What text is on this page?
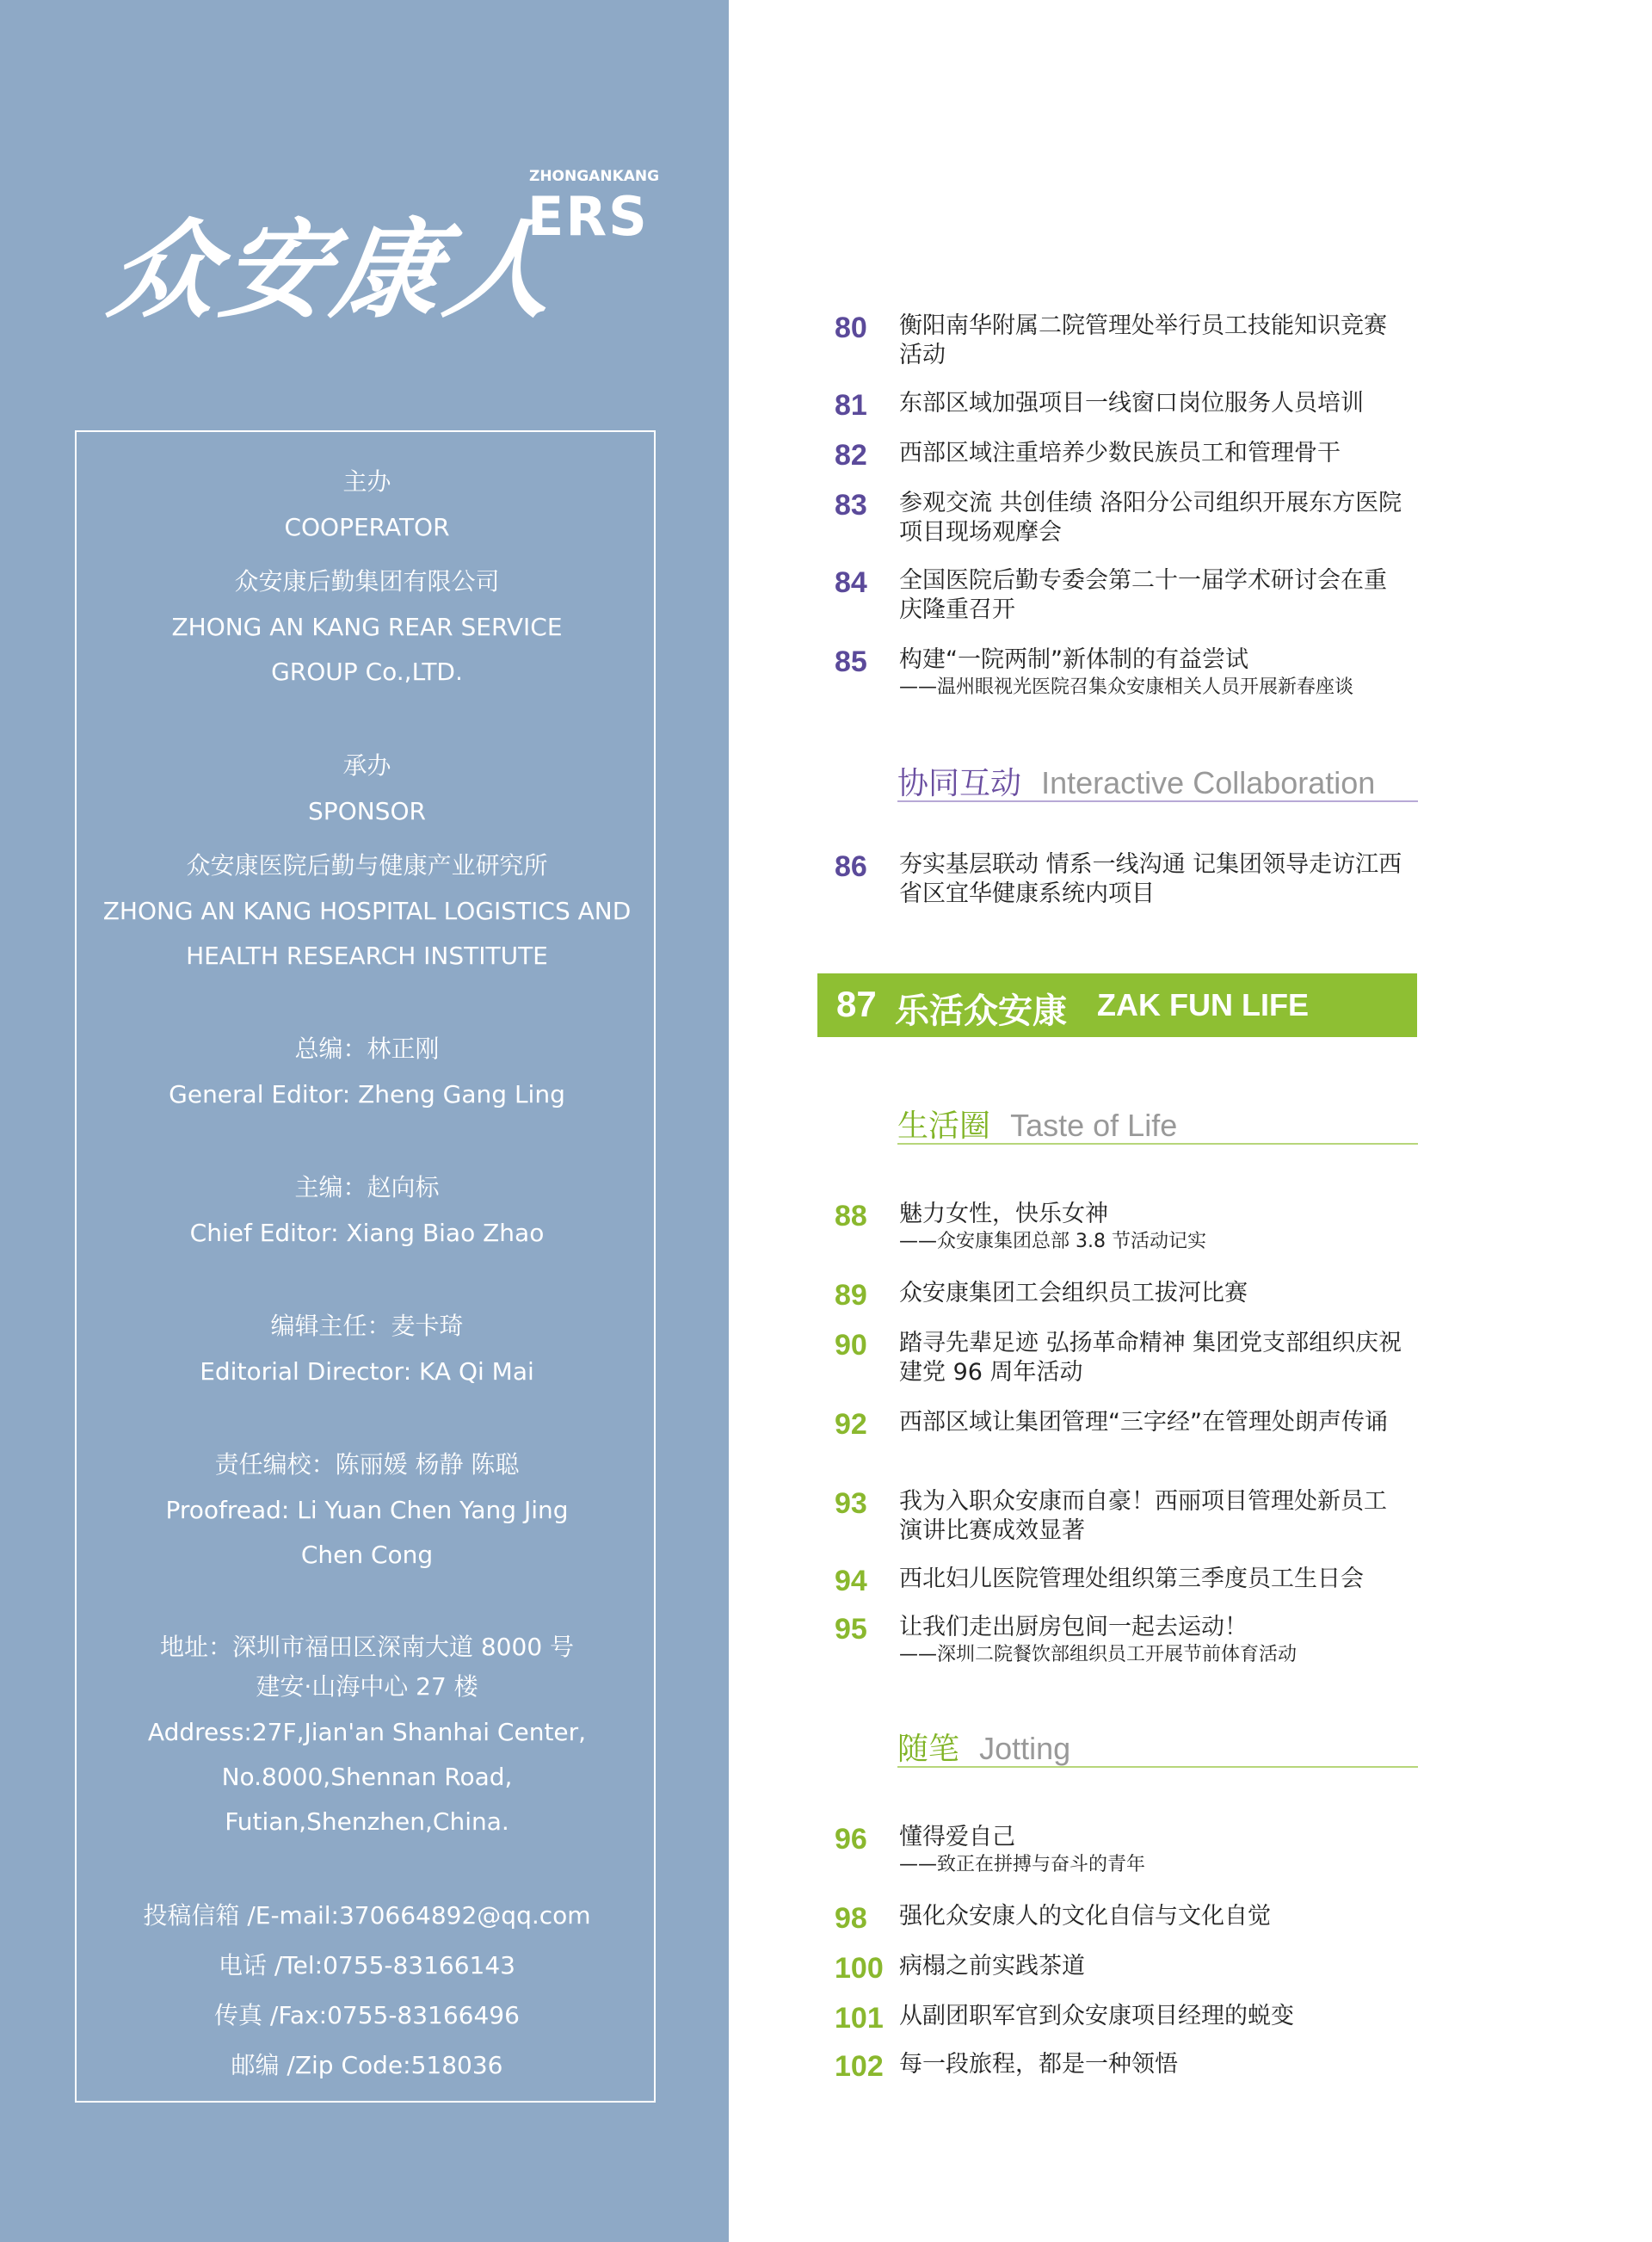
众安康人
ZHONGANKANG
ERS
主办
COOPERATOR
众安康后勤集团有限公司
ZHONG AN KANG REAR SERVICE
GROUP Co.,LTD.
承办
SPONSOR
众安康医院后勤与健康产业研究所
ZHONG AN KANG HOSPITAL LOGISTICS AND
HEALTH RESEARCH INSTITUTE
总编：林正刚
General Editor: Zheng Gang Ling
主编：赵向标
Chief Editor: Xiang Biao Zhao
编辑主任：麦卡琦
Editorial Director: KA Qi Mai
责任编校：陈丽媛 杨静 陈聪
Proofread: Li Yuan Chen Yang Jing
Chen Cong
地址：深圳市福田区深南大道 8000 号
建安·山海中心 27 楼
Address:27F,Jian'an Shanhai Center,
No.8000,Shennan Road,
Futian,Shenzhen,China.
投稿信箱 /E-mail:370664892@qq.com
电话 /Tel:0755-83166143
传真 /Fax:0755-83166496
邮编 /Zip Code:518036
80 衡阳南华附属二院管理处举行员工技能知识竞赛活动
81 东部区域加强项目一线窗口岗位服务人员培训
82 西部区域注重培养少数民族员工和管理骨干
83 参观交流 共创佳绩 洛阳分公司组织开展东方医院项目现场观摩会
84 全国医院后勤专委会第二十一届学术研讨会在重庆隆重召开
85 构建“一院两制”新体制的有益尝试
——温州眼视光医院召集众安康相关人员开展新春座谈
协同互动 Interactive Collaboration
86 夯实基层联动 情系一线沟通 记集团领导走访江西省区宜华健康系统内项目
87 乐活众安康 ZAK FUN LIFE
生活圈 Taste of Life
88 魅力女性，快乐女神
——众安康集团总部 3.8 节活动记实
89 众安康集团工会组织员工拔河比赛
90 踏寻先辈足迹 弘扬革命精神 集团党支部组织庆祝建党 96 周年活动
92 西部区域让集团管理“三字经”在管理处朗声传诵
93 我为入职众安康而自豪！西丽项目管理处新员工演讲比赛成效显著
94 西北妇儿医院管理处组织第三季度员工生日会
95 让我们走出厨房包间一起去运动！
——深圳二院餐饮部组织员工开展节前体育活动
随笔 Jotting
96 懂得爱自己
——致正在拼搏与奋斗的青年
98 强化众安康人的文化自信与文化自觉
100 病榻之前实践茶道
101 从副团职军官到众安康项目经理的蜕变
102 每一段旅程，都是一种领悟
